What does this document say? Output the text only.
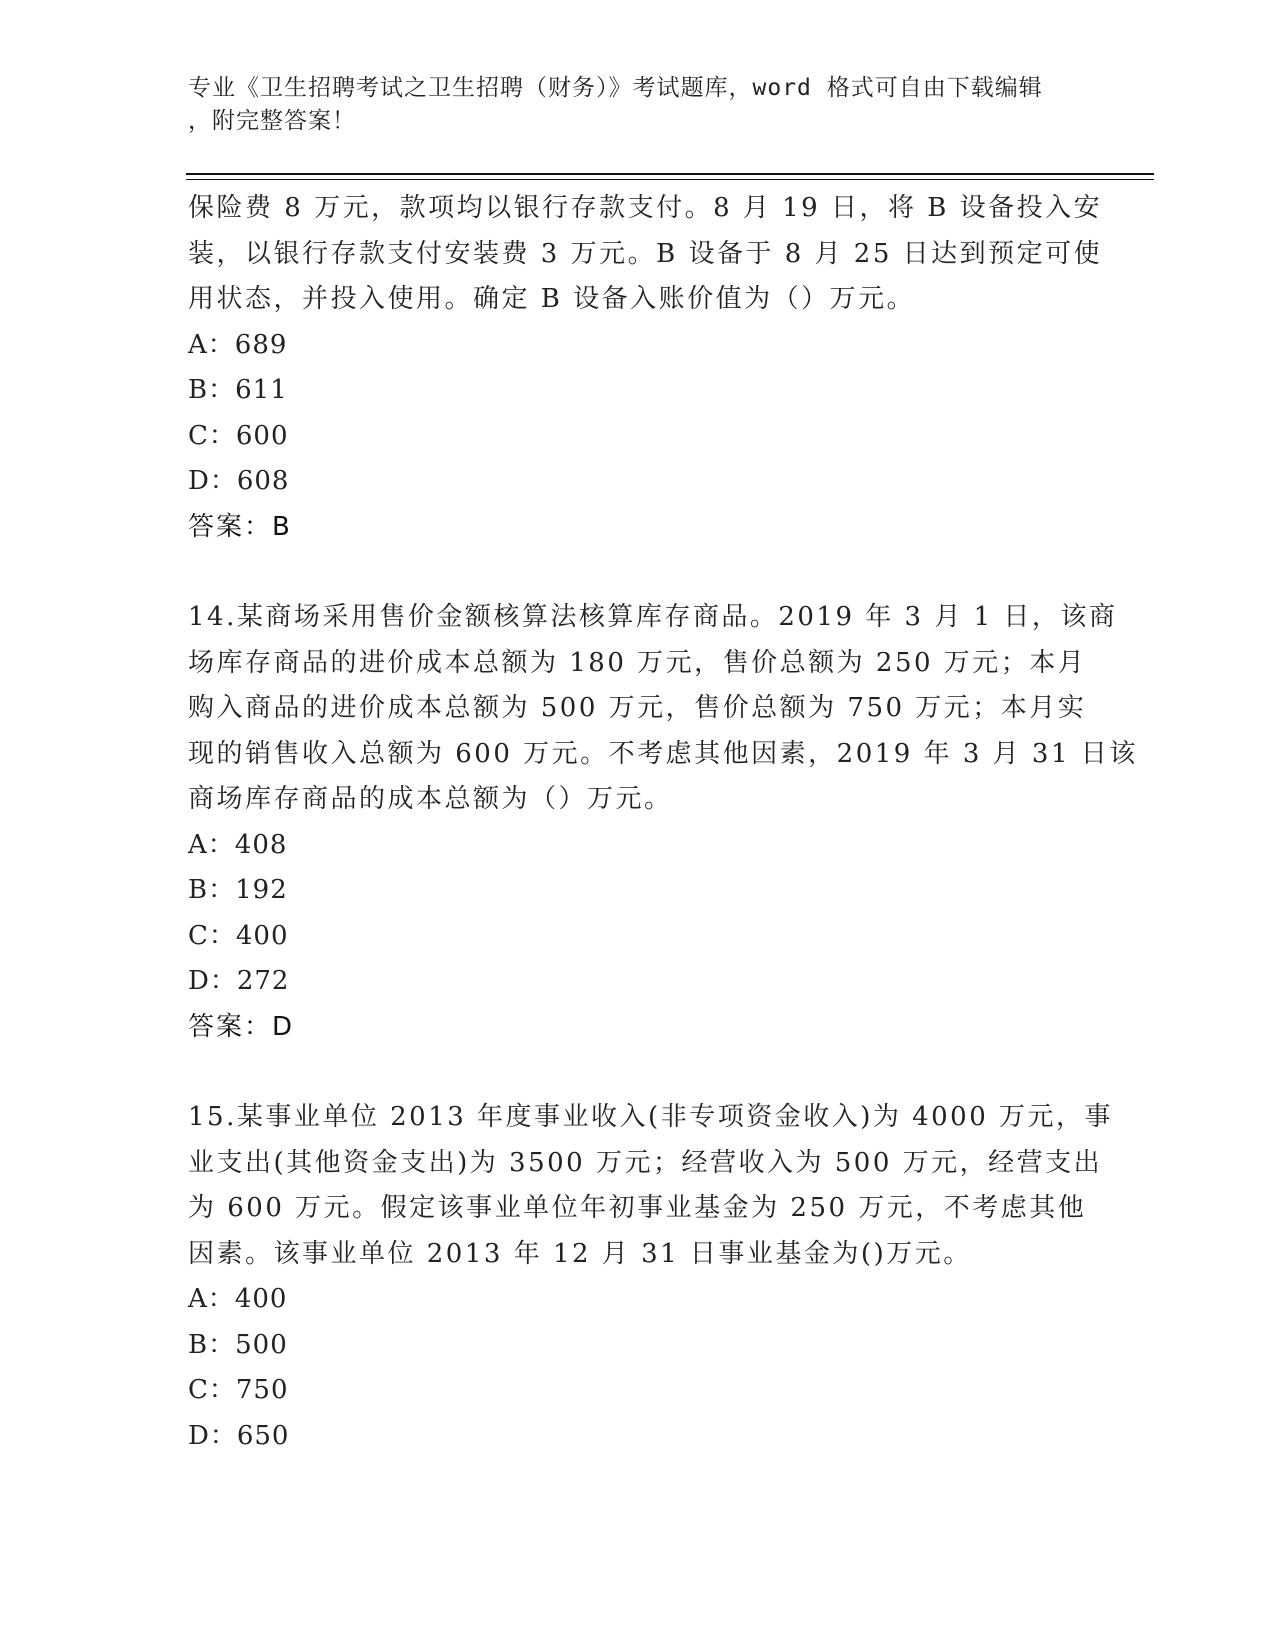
专业《卫生招聘考试之卫生招聘（财务）》考试题库，word 格式可自由下载编辑
，附完整答案！
保险费 8 万元，款项均以银行存款支付。8 月 19 日，将 B 设备投入安
装，以银行存款支付安装费 3 万元。B 设备于 8 月 25 日达到预定可使
用状态，并投入使用。确定 B 设备入账价值为（）万元。
A：689
B：611
C：600
D：608
答案：B
14.某商场采用售价金额核算法核算库存商品。2019 年 3 月 1 日，该商
场库存商品的进价成本总额为 180 万元，售价总额为 250 万元；本月
购入商品的进价成本总额为 500 万元，售价总额为 750 万元；本月实
现的销售收入总额为 600 万元。不考虑其他因素，2019 年 3 月 31 日该
商场库存商品的成本总额为（）万元。
A：408
B：192
C：400
D：272
答案：D
15.某事业单位 2013 年度事业收入(非专项资金收入)为 4000 万元，事
业支出(其他资金支出)为 3500 万元；经营收入为 500 万元，经营支出
为 600 万元。假定该事业单位年初事业基金为 250 万元，不考虑其他
因素。该事业单位 2013 年 12 月 31 日事业基金为()万元。
A：400
B：500
C：750
D：650
